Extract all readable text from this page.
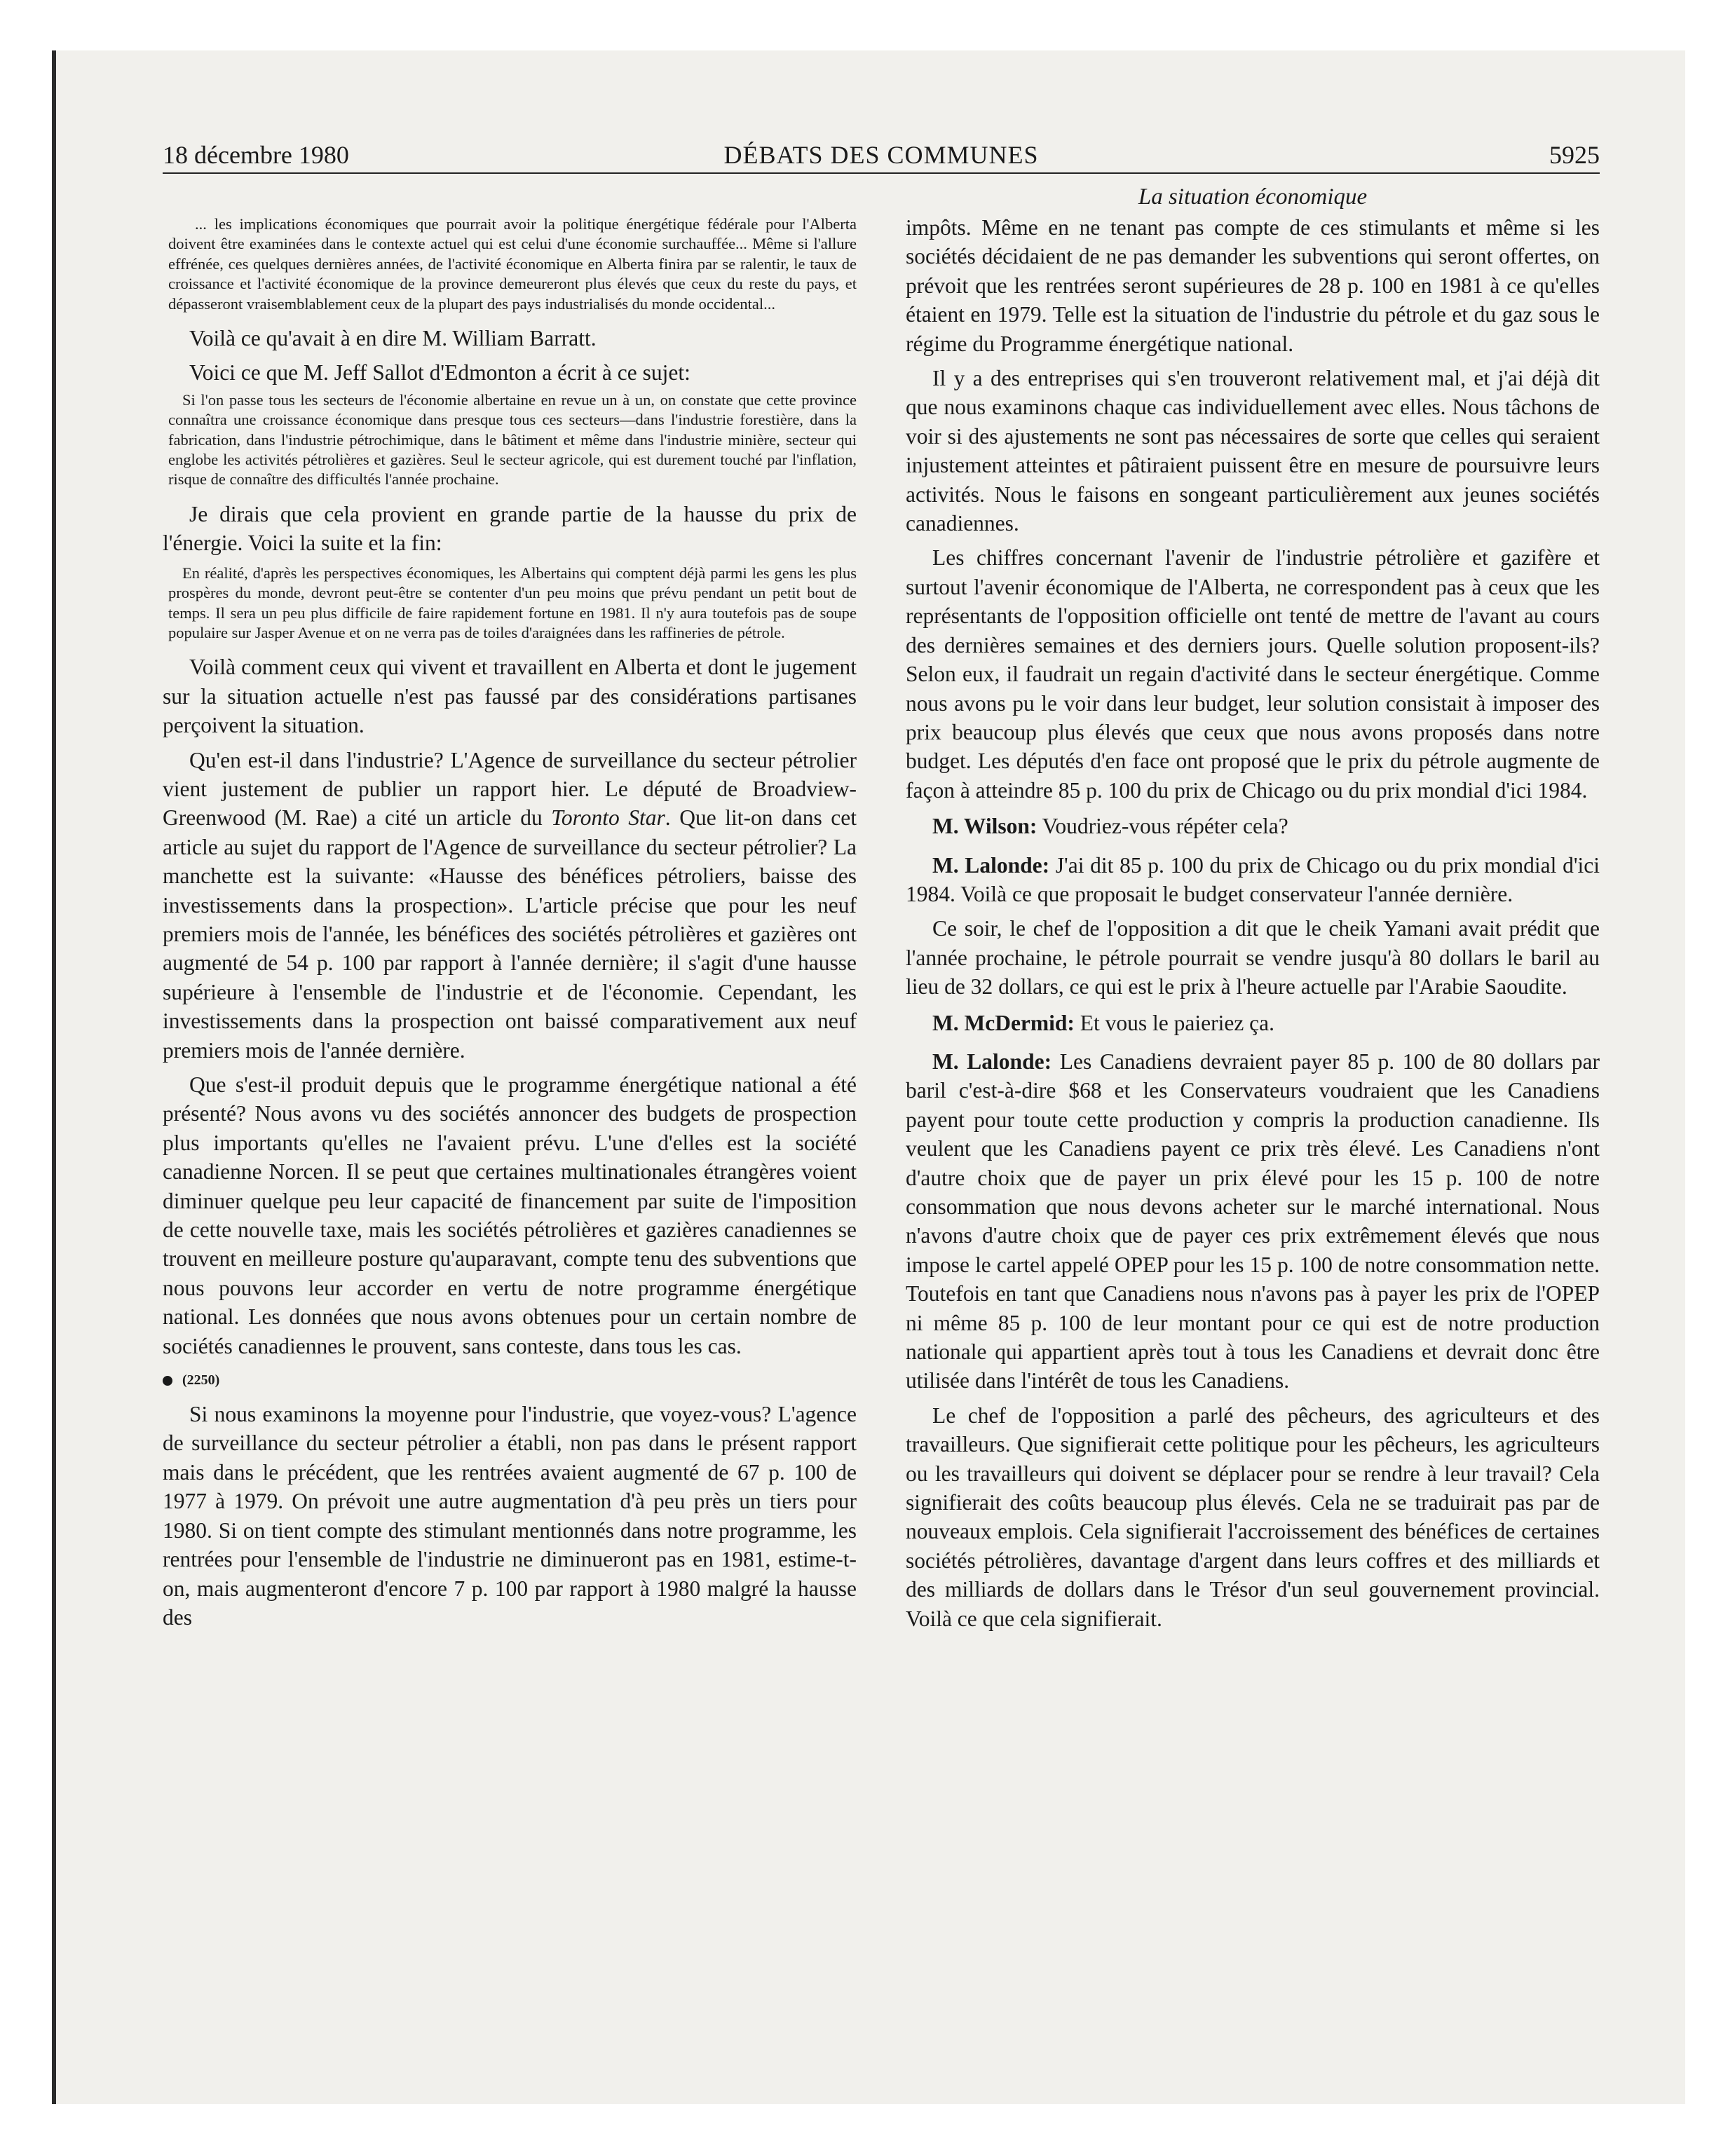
18 décembre 1980	DÉBATS DES COMMUNES	5925

... les implications économiques que pourrait avoir la politique énergétique fédérale pour l'Alberta doivent être examinées dans le contexte actuel qui est celui d'une économie surchauffée... Même si l'allure effrénée, ces quelques dernières années, de l'activité économique en Alberta finira par se ralentir, le taux de croissance et l'activité économique de la province demeureront plus élevés que ceux du reste du pays, et dépasseront vraisemblablement ceux de la plupart des pays industrialisés du monde occidental...

Voilà ce qu'avait à en dire M. William Barratt.

Voici ce que M. Jeff Sallot d'Edmonton a écrit à ce sujet:

Si l'on passe tous les secteurs de l'économie albertaine en revue un à un, on constate que cette province connaîtra une croissance économique dans presque tous ces secteurs—dans l'industrie forestière, dans la fabrication, dans l'industrie pétrochimique, dans le bâtiment et même dans l'industrie minière, secteur qui englobe les activités pétrolières et gazières. Seul le secteur agricole, qui est durement touché par l'inflation, risque de connaître des difficultés l'année prochaine.

Je dirais que cela provient en grande partie de la hausse du prix de l'énergie. Voici la suite et la fin:

En réalité, d'après les perspectives économiques, les Albertains qui comptent déjà parmi les gens les plus prospères du monde, devront peut-être se contenter d'un peu moins que prévu pendant un petit bout de temps. Il sera un peu plus difficile de faire rapidement fortune en 1981. Il n'y aura toutefois pas de soupe populaire sur Jasper Avenue et on ne verra pas de toiles d'araignées dans les raffineries de pétrole.

Voilà comment ceux qui vivent et travaillent en Alberta et dont le jugement sur la situation actuelle n'est pas faussé par des considérations partisanes perçoivent la situation.

Qu'en est-il dans l'industrie? L'Agence de surveillance du secteur pétrolier vient justement de publier un rapport hier. Le député de Broadview-Greenwood (M. Rae) a cité un article du Toronto Star. Que lit-on dans cet article au sujet du rapport de l'Agence de surveillance du secteur pétrolier? La manchette est la suivante: «Hausse des bénéfices pétroliers, baisse des investissements dans la prospection». L'article précise que pour les neuf premiers mois de l'année, les bénéfices des sociétés pétrolières et gazières ont augmenté de 54 p. 100 par rapport à l'année dernière; il s'agit d'une hausse supérieure à l'ensemble de l'industrie et de l'économie. Cependant, les investissements dans la prospection ont baissé comparativement aux neuf premiers mois de l'année dernière.

Que s'est-il produit depuis que le programme énergétique national a été présenté? Nous avons vu des sociétés annoncer des budgets de prospection plus importants qu'elles ne l'avaient prévu. L'une d'elles est la société canadienne Norcen. Il se peut que certaines multinationales étrangères voient diminuer quelque peu leur capacité de financement par suite de l'imposition de cette nouvelle taxe, mais les sociétés pétrolières et gazières canadiennes se trouvent en meilleure posture qu'auparavant, compte tenu des subventions que nous pouvons leur accorder en vertu de notre programme énergétique national. Les données que nous avons obtenues pour un certain nombre de sociétés canadiennes le prouvent, sans conteste, dans tous les cas.

(2250)

Si nous examinons la moyenne pour l'industrie, que voyez-vous? L'agence de surveillance du secteur pétrolier a établi, non pas dans le présent rapport mais dans le précédent, que les rentrées avaient augmenté de 67 p. 100 de 1977 à 1979. On prévoit une autre augmentation d'à peu près un tiers pour 1980. Si on tient compte des stimulant mentionnés dans notre programme, les rentrées pour l'ensemble de l'industrie ne diminueront pas en 1981, estime-t-on, mais augmenteront d'encore 7 p. 100 par rapport à 1980 malgré la hausse des

La situation économique

impôts. Même en ne tenant pas compte de ces stimulants et même si les sociétés décidaient de ne pas demander les subventions qui seront offertes, on prévoit que les rentrées seront supérieures de 28 p. 100 en 1981 à ce qu'elles étaient en 1979. Telle est la situation de l'industrie du pétrole et du gaz sous le régime du Programme énergétique national.

Il y a des entreprises qui s'en trouveront relativement mal, et j'ai déjà dit que nous examinons chaque cas individuellement avec elles. Nous tâchons de voir si des ajustements ne sont pas nécessaires de sorte que celles qui seraient injustement atteintes et pâtiraient puissent être en mesure de poursuivre leurs activités. Nous le faisons en songeant particulièrement aux jeunes sociétés canadiennes.

Les chiffres concernant l'avenir de l'industrie pétrolière et gazifère et surtout l'avenir économique de l'Alberta, ne correspondent pas à ceux que les représentants de l'opposition officielle ont tenté de mettre de l'avant au cours des dernières semaines et des derniers jours. Quelle solution proposent-ils? Selon eux, il faudrait un regain d'activité dans le secteur énergétique. Comme nous avons pu le voir dans leur budget, leur solution consistait à imposer des prix beaucoup plus élevés que ceux que nous avons proposés dans notre budget. Les députés d'en face ont proposé que le prix du pétrole augmente de façon à atteindre 85 p. 100 du prix de Chicago ou du prix mondial d'ici 1984.

M. Wilson: Voudriez-vous répéter cela?

M. Lalonde: J'ai dit 85 p. 100 du prix de Chicago ou du prix mondial d'ici 1984. Voilà ce que proposait le budget conservateur l'année dernière.

Ce soir, le chef de l'opposition a dit que le cheik Yamani avait prédit que l'année prochaine, le pétrole pourrait se vendre jusqu'à 80 dollars le baril au lieu de 32 dollars, ce qui est le prix à l'heure actuelle par l'Arabie Saoudite.

M. McDermid: Et vous le paieriez ça.

M. Lalonde: Les Canadiens devraient payer 85 p. 100 de 80 dollars par baril c'est-à-dire $68 et les Conservateurs voudraient que les Canadiens payent pour toute cette production y compris la production canadienne. Ils veulent que les Canadiens payent ce prix très élevé. Les Canadiens n'ont d'autre choix que de payer un prix élevé pour les 15 p. 100 de notre consommation que nous devons acheter sur le marché international. Nous n'avons d'autre choix que de payer ces prix extrêmement élevés que nous impose le cartel appelé OPEP pour les 15 p. 100 de notre consommation nette. Toutefois en tant que Canadiens nous n'avons pas à payer les prix de l'OPEP ni même 85 p. 100 de leur montant pour ce qui est de notre production nationale qui appartient après tout à tous les Canadiens et devrait donc être utilisée dans l'intérêt de tous les Canadiens.

Le chef de l'opposition a parlé des pêcheurs, des agriculteurs et des travailleurs. Que signifierait cette politique pour les pêcheurs, les agriculteurs ou les travailleurs qui doivent se déplacer pour se rendre à leur travail? Cela signifierait des coûts beaucoup plus élevés. Cela ne se traduirait pas par de nouveaux emplois. Cela signifierait l'accroissement des bénéfices de certaines sociétés pétrolières, davantage d'argent dans leurs coffres et des milliards et des milliards de dollars dans le Trésor d'un seul gouvernement provincial. Voilà ce que cela signifierait.
